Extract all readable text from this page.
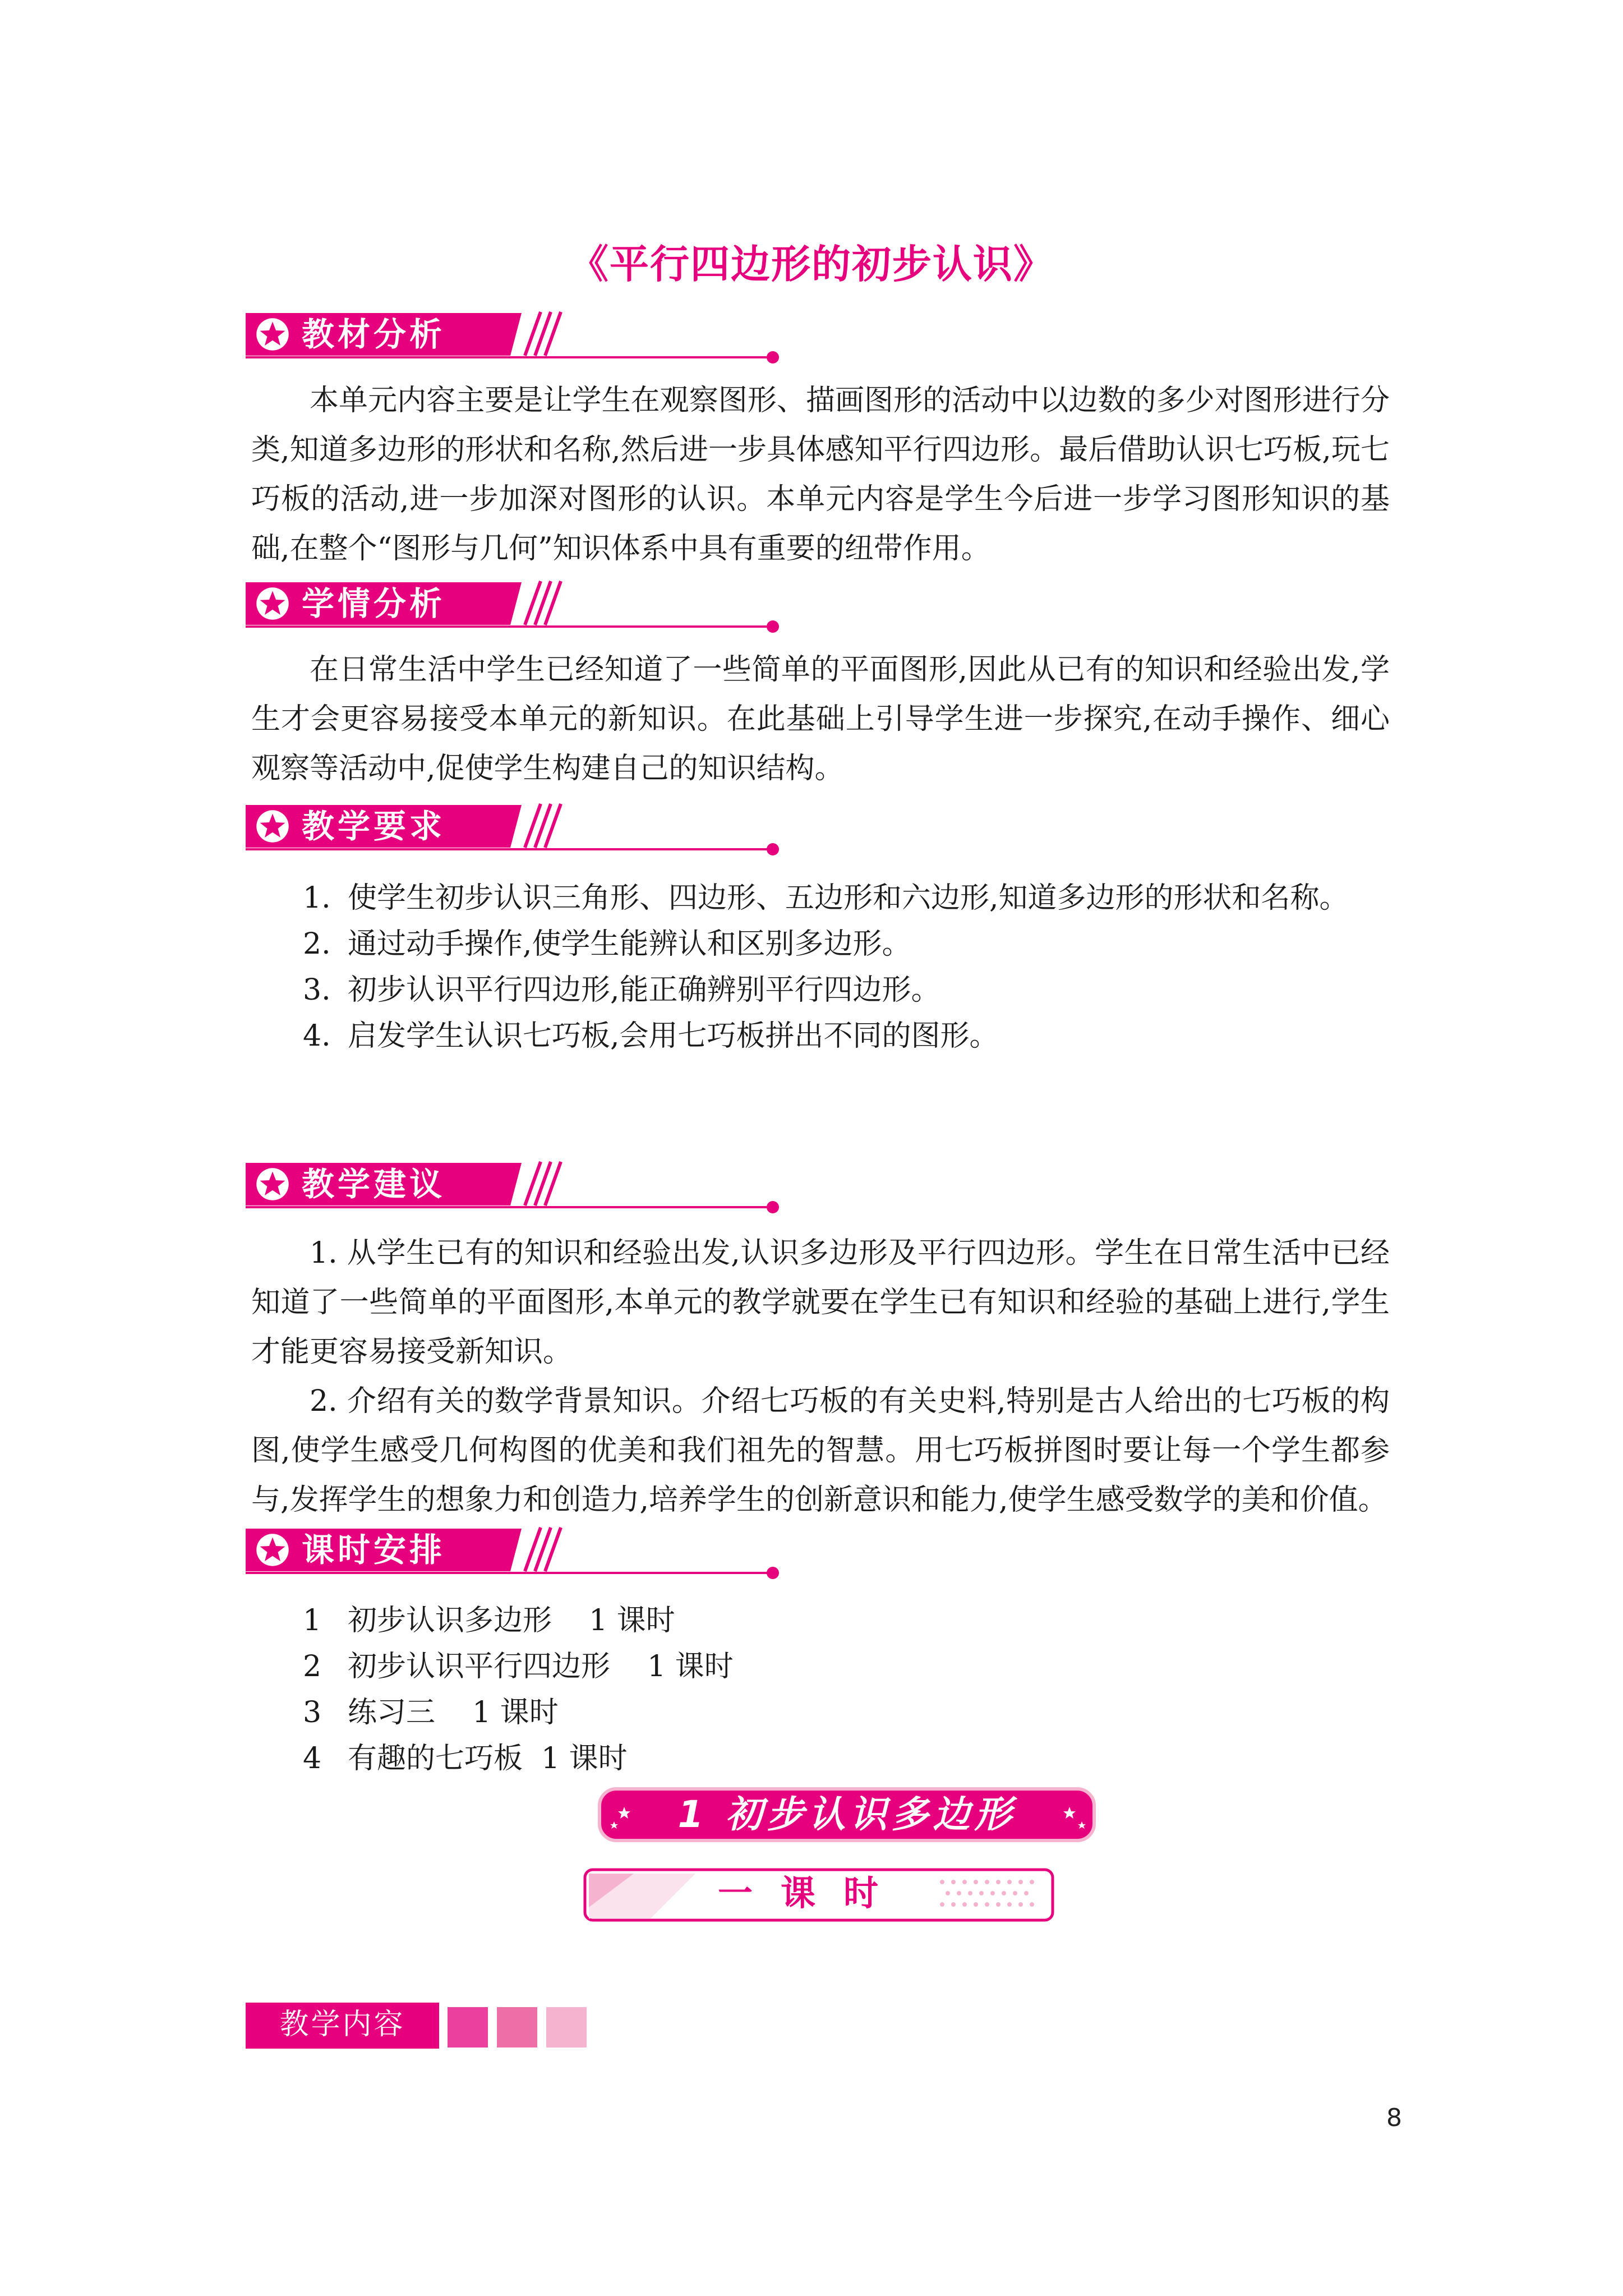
《平行四边形的初步认识》
教材分析

本单元内容主要是让学生在观察图形、描画图形的活动中以边数的多少对图形进行分类,知道多边形的形状和名称,然后进一步具体感知平行四边形。最后借助认识七巧板,玩七巧板的活动,进一步加深对图形的认识。本单元内容是学生今后进一步学习图形知识的基础,在整个“图形与几何”知识体系中具有重要的纽带作用。

学情分析

在日常生活中学生已经知道了一些简单的平面图形,因此从已有的知识和经验出发,学生才会更容易接受本单元的新知识。在此基础上引导学生进一步探究,在动手操作、细心观察等活动中,促使学生构建自己的知识结构。

教学要求
1. 使学生初步认识三角形、四边形、五边形和六边形,知道多边形的形状和名称。
2. 通过动手操作,使学生能辨认和区别多边形。
3. 初步认识平行四边形,能正确辨别平行四边形。
4. 启发学生认识七巧板,会用七巧板拼出不同的图形。
教学建议

1. 从学生已有的知识和经验出发,认识多边形及平行四边形。学生在日常生活中已经知道了一些简单的平面图形,本单元的教学就要在学生已有知识和经验的基础上进行,学生才能更容易接受新知识。

2. 介绍有关的数学背景知识。介绍七巧板的有关史料,特别是古人给出的七巧板的构图,使学生感受几何构图的优美和我们祖先的智慧。用七巧板拼图时要让每一个学生都参与,发挥学生的想象力和创造力,培养学生的创新意识和能力,使学生感受数学的美和价值。

课时安排
1 初步认识多边形    1 课时
2 初步认识平行四边形    1 课时
3 练习三    1 课时
4 有趣的七巧板  1 课时
1 初步认识多边形
一课时
教学内容
8
